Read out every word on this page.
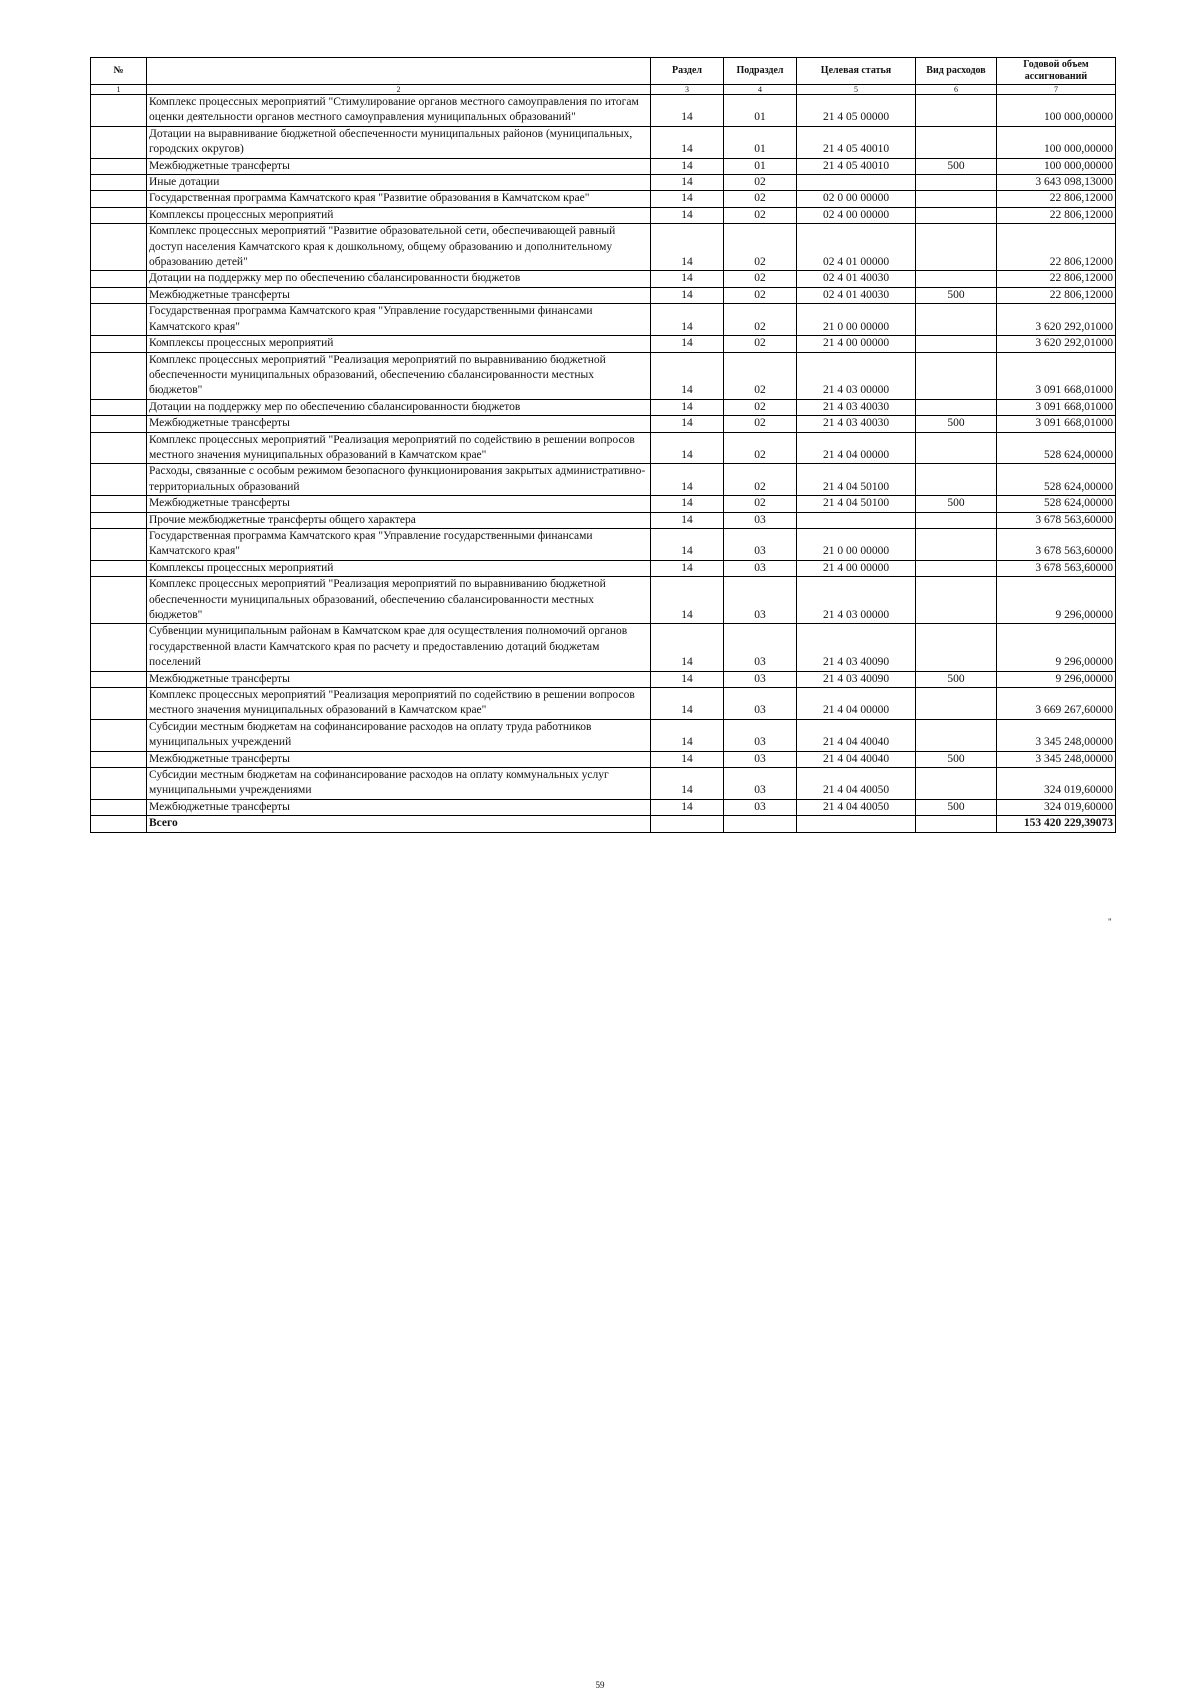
№		Раздел	Подраздел	Целевая статья	Вид расходов	Годовой объем ассигнований
1	2	3	4	5	6	7
	Комплекс процессных мероприятий "Стимулирование органов местного самоуправления по итогам оценки деятельности органов местного самоуправления муниципальных образований"	14	01	21 4 05 00000		100 000,00000
	Дотации на выравнивание бюджетной обеспеченности муниципальных районов (муниципальных, городских округов)	14	01	21 4 05 40010		100 000,00000
	Межбюджетные трансферты	14	01	21 4 05 40010	500	100 000,00000
	Иные дотации	14	02			3 643 098,13000
	Государственная программа Камчатского края "Развитие образования в Камчатском крае"	14	02	02 0 00 00000		22 806,12000
	Комплексы процессных мероприятий	14	02	02 4 00 00000		22 806,12000
	Комплекс процессных мероприятий "Развитие образовательной сети, обеспечивающей равный доступ населения Камчатского края к дошкольному, общему образованию и дополнительному образованию детей"	14	02	02 4 01 00000		22 806,12000
	Дотации на поддержку мер по обеспечению сбалансированности бюджетов	14	02	02 4 01 40030		22 806,12000
	Межбюджетные трансферты	14	02	02 4 01 40030	500	22 806,12000
	Государственная программа Камчатского края "Управление государственными финансами Камчатского края"	14	02	21 0 00 00000		3 620 292,01000
	Комплексы процессных мероприятий	14	02	21 4 00 00000		3 620 292,01000
	Комплекс процессных мероприятий "Реализация мероприятий по выравниванию бюджетной обеспеченности муниципальных образований, обеспечению сбалансированности местных бюджетов"	14	02	21 4 03 00000		3 091 668,01000
	Дотации на поддержку мер по обеспечению сбалансированности бюджетов	14	02	21 4 03 40030		3 091 668,01000
	Межбюджетные трансферты	14	02	21 4 03 40030	500	3 091 668,01000
	Комплекс процессных мероприятий "Реализация мероприятий по содействию в решении вопросов местного значения муниципальных образований в Камчатском крае"	14	02	21 4 04 00000		528 624,00000
	Расходы, связанные с особым режимом безопасного функционирования закрытых административно-территориальных образований	14	02	21 4 04 50100		528 624,00000
	Межбюджетные трансферты	14	02	21 4 04 50100	500	528 624,00000
	Прочие межбюджетные трансферты общего характера	14	03			3 678 563,60000
	Государственная программа Камчатского края "Управление государственными финансами Камчатского края"	14	03	21 0 00 00000		3 678 563,60000
	Комплексы процессных мероприятий	14	03	21 4 00 00000		3 678 563,60000
	Комплекс процессных мероприятий "Реализация мероприятий по выравниванию бюджетной обеспеченности муниципальных образований, обеспечению сбалансированности местных бюджетов"	14	03	21 4 03 00000		9 296,00000
	Субвенции муниципальным районам в Камчатском крае для осуществления полномочий органов государственной власти Камчатского края по расчету и предоставлению дотаций бюджетам поселений	14	03	21 4 03 40090		9 296,00000
	Межбюджетные трансферты	14	03	21 4 03 40090	500	9 296,00000
	Комплекс процессных мероприятий "Реализация мероприятий по содействию в решении вопросов местного значения муниципальных образований в Камчатском крае"	14	03	21 4 04 00000		3 669 267,60000
	Субсидии местным бюджетам на софинансирование расходов на оплату труда работников муниципальных учреждений	14	03	21 4 04 40040		3 345 248,00000
	Межбюджетные трансферты	14	03	21 4 04 40040	500	3 345 248,00000
	Субсидии местным бюджетам на софинансирование расходов на оплату коммунальных услуг муниципальными учреждениями	14	03	21 4 04 40050		324 019,60000
	Межбюджетные трансферты	14	03	21 4 04 40050	500	324 019,60000
	Всего					153 420 229,39073
"
59
